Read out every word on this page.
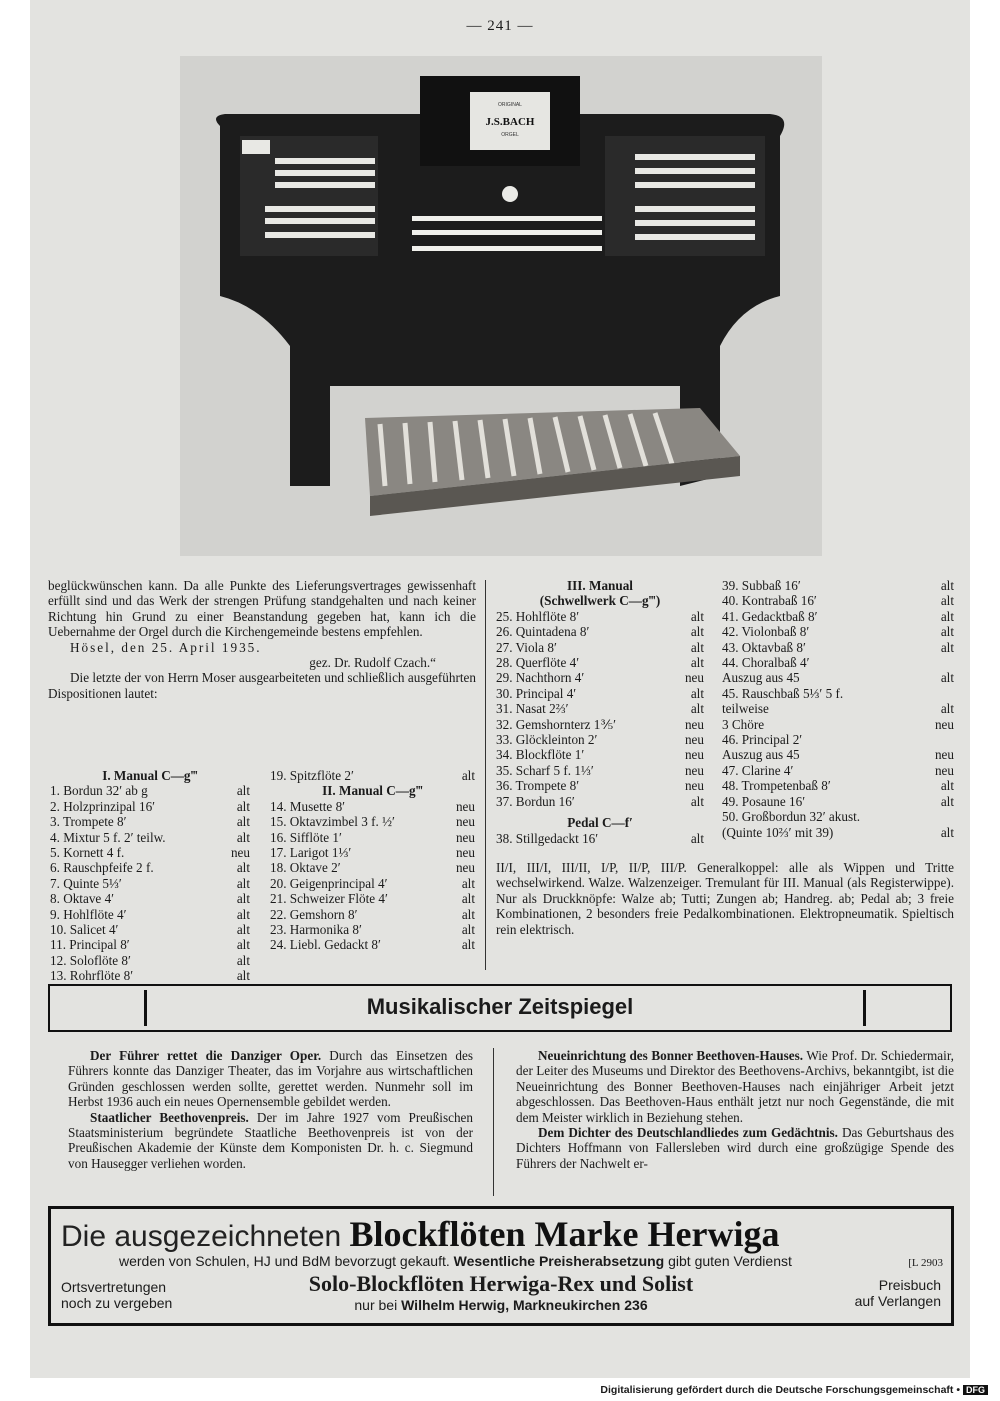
— 241 —
ORIGINAL
J.S.BACH
ORGEL

beglückwünschen kann. Da alle Punkte des Lieferungsvertrages gewissenhaft erfüllt sind und das Werk der strengen Prüfung standgehalten und nach keiner Richtung hin Grund zu einer Beanstandung gegeben hat, kann ich die Uebernahme der Orgel durch die Kirchengemeinde bestens empfehlen.

Hösel, den 25. April 1935.

gez. Dr. Rudolf Czach.“

Die letzte der von Herrn Moser ausgearbeiteten und schließlich ausgeführten Dispositionen lautet:

I. Manual C—g‴
1. Bordun 32′ ab g	alt
2. Holzprinzipal 16′	alt
3. Trompete 8′	alt
4. Mixtur 5 f. 2′ teilw.	alt
5. Kornett 4 f.	neu
6. Rauschpfeife 2 f.	alt
7. Quinte 5⅓′	alt
8. Oktave 4′	alt
9. Hohlflöte 4′	alt
10. Salicet 4′	alt
11. Principal 8′	alt
12. Soloflöte 8′	alt
13. Rohrflöte 8′	alt
19. Spitzflöte 2′	alt
II. Manual C—g‴
14. Musette 8′	neu
15. Oktavzimbel 3 f. ½′	neu
16. Sifflöte 1′	neu
17. Larigot 1⅓′	neu
18. Oktave 2′	neu
20. Geigenprincipal 4′	alt
21. Schweizer Flöte 4′	alt
22. Gemshorn 8′	alt
23. Harmonika 8′	alt
24. Liebl. Gedackt 8′	alt
III. Manual
(Schwellwerk C—g‴)
25. Hohlflöte 8′	alt
26. Quintadena 8′	alt
27. Viola 8′	alt
28. Querflöte 4′	alt
29. Nachthorn 4′	neu
30. Principal 4′	alt
31. Nasat 2⅔′	alt
32. Gemshornterz 1⅗′	neu
33. Glöckleinton 2′	neu
34. Blockflöte 1′	neu
35. Scharf 5 f. 1⅓′	neu
36. Trompete 8′	neu
37. Bordun 16′	alt
Pedal C—f′
38. Stillgedackt 16′	alt
39. Subbaß 16′	alt
40. Kontrabaß 16′	alt
41. Gedacktbaß 8′	alt
42. Violonbaß 8′	alt
43. Oktavbaß 8′	alt
44. Choralbaß 4′
Auszug aus 45	alt
45. Rauschbaß 5⅓′ 5 f.
teilweise	alt
3 Chöre	neu
46. Principal 2′
Auszug aus 45	neu
47. Clarine 4′	neu
48. Trompetenbaß 8′	alt
49. Posaune 16′	alt
50. Großbordun 32′ akust.
(Quinte 10⅔′ mit 39)	alt
II/I, III/I, III/II, I/P, II/P, III/P. Generalkoppel: alle als Wippen und Tritte wechselwirkend. Walze. Walzenzeiger. Tremulant für III. Manual (als Registerwippe). Nur als Druckknöpfe: Walze ab; Tutti; Zungen ab; Handreg. ab; Pedal ab; 3 freie Kombinationen, 2 besonders freie Pedalkombinationen. Elektropneumatik. Spieltisch rein elektrisch.
Musikalischer Zeitspiegel

Der Führer rettet die Danziger Oper. Durch das Einsetzen des Führers konnte das Danziger Theater, das im Vorjahre aus wirtschaftlichen Gründen geschlossen werden sollte, gerettet werden. Nunmehr soll im Herbst 1936 auch ein neues Opernensemble gebildet werden.

Staatlicher Beethovenpreis. Der im Jahre 1927 vom Preußischen Staatsministerium begründete Staatliche Beethovenpreis ist von der Preußischen Akademie der Künste dem Komponisten Dr. h. c. Siegmund von Hausegger verliehen worden.

Neueinrichtung des Bonner Beethoven-Hauses. Wie Prof. Dr. Schiedermair, der Leiter des Museums und Direktor des Beethovens-Archivs, bekanntgibt, ist die Neueinrichtung des Bonner Beethoven-Hauses nach einjähriger Arbeit jetzt abgeschlossen. Das Beethoven-Haus enthält jetzt nur noch Gegenstände, die mit dem Meister wirklich in Beziehung stehen.

Dem Dichter des Deutschlandliedes zum Gedächtnis. Das Geburtshaus des Dichters Hoffmann von Fallersleben wird durch eine großzügige Spende des Führers der Nachwelt er-

Die ausgezeichneten Blockflöten Marke Herwiga
werden von Schulen, HJ und BdM bevorzugt gekauft. Wesentliche Preisherabsetzung gibt guten Verdienst	[L 2903
Ortsvertretungen
noch zu vergeben
Solo-Blockflöten Herwiga-Rex und Solist
nur bei Wilhelm Herwig, Markneukirchen 236
Preisbuch
auf Verlangen
Digitalisierung gefördert durch die Deutsche Forschungsgemeinschaft • DFG
